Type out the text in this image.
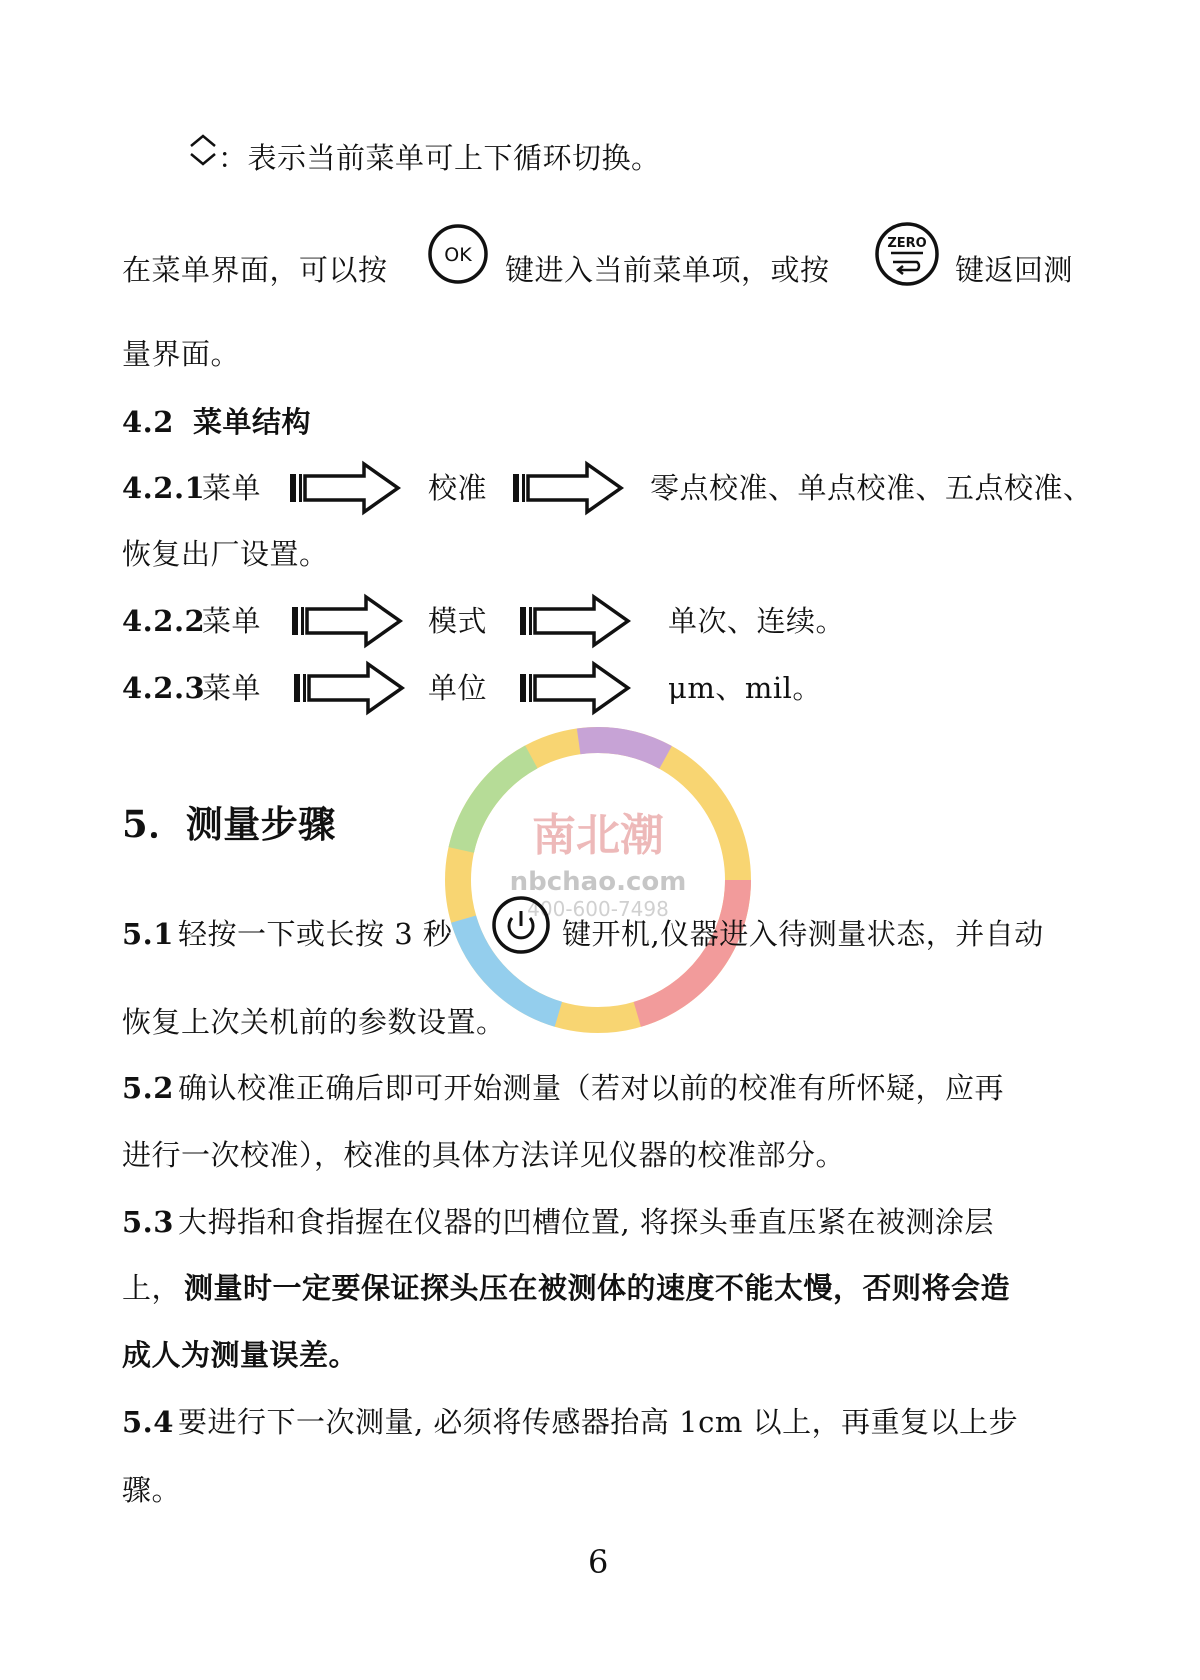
：表示当前菜单可上下循环切换。
在菜单界面，可以按	键进入当前菜单项，或按	键返回测
OK
ZERO
量界面。
4.2 菜单结构
4.2.1
菜单	校准	零点校准、单点校准、五点校准、
恢复出厂设置。
4.2.2
菜单	模式	单次、连续。
4.2.3
菜单	单位	μm、mil。
南北潮
nbchao.com
400-600-7498
5．测量步骤
5.1 轻按一下或长按 3 秒	键开机,仪器进入待测量状态，并自动
恢复上次关机前的参数设置。
5.2 确认校准正确后即可开始测量（若对以前的校准有所怀疑，应再
进行一次校准），校准的具体方法详见仪器的校准部分。
5.3 大拇指和食指握在仪器的凹槽位置, 将探头垂直压紧在被测涂层
上， 测量时一定要保证探头压在被测体的速度不能太慢，否则将会造
成人为测量误差。
5.4 要进行下一次测量, 必须将传感器抬高 1cm 以上，再重复以上步
骤。
6
